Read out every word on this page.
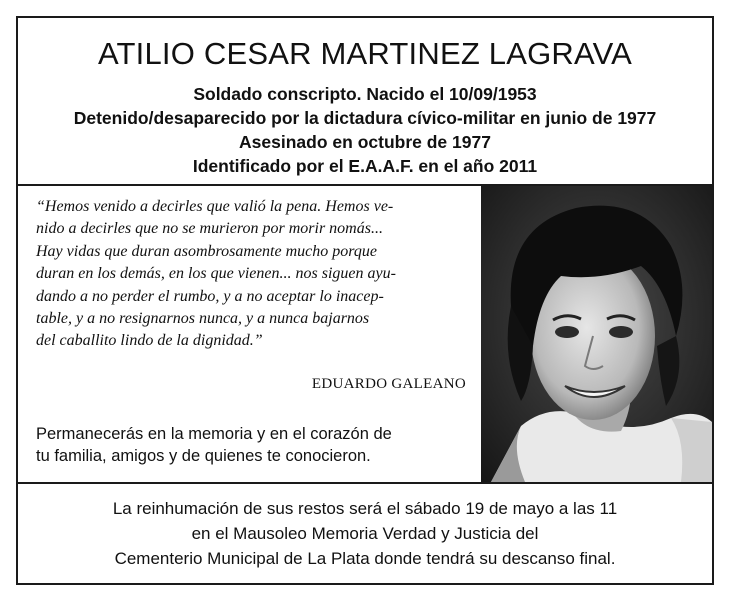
ATILIO CESAR MARTINEZ LAGRAVA
Soldado conscripto. Nacido el 10/09/1953
Detenido/desaparecido por la dictadura cívico-militar en junio de 1977
Asesinado en octubre de 1977
Identificado por el E.A.A.F. en el año 2011
“Hemos venido a decirles que valió la pena. Hemos ve-
nido a decirles que no se murieron por morir nomás...
Hay vidas que duran asombrosamente mucho porque
duran en los demás, en los que vienen... nos siguen ayu-
dando a no perder el rumbo, y a no aceptar lo inacep-
table, y a no resignarnos nunca, y a nunca bajarnos
del caballito lindo de la dignidad.”
EDUARDO GALEANO
Permanecerás en la memoria y en el corazón de
tu familia, amigos y de quienes te conocieron.
La reinhumación de sus restos será el sábado 19 de mayo a las 11
en el Mausoleo Memoria Verdad y Justicia del
Cementerio Municipal de La Plata donde tendrá su descanso final.
